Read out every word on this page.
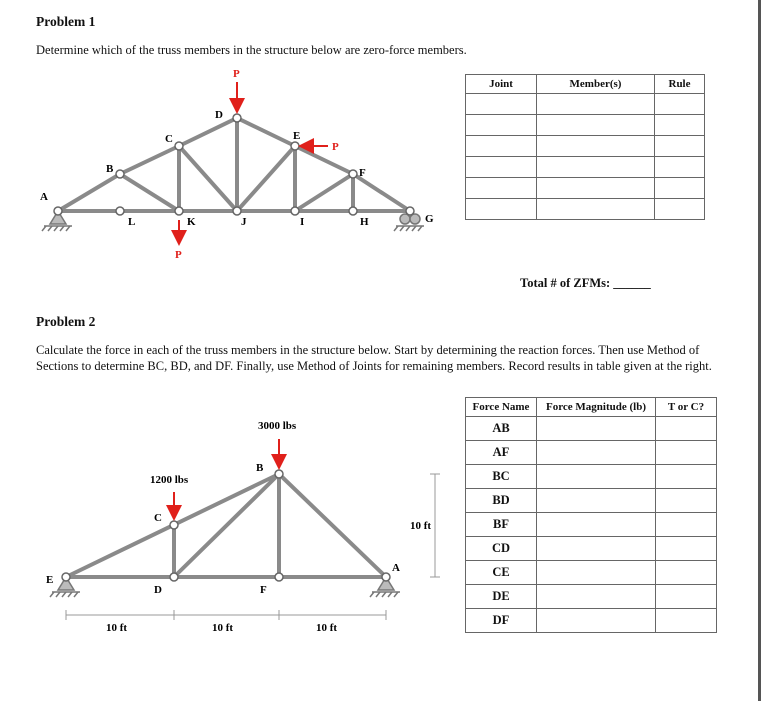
Problem 1
Determine which of the truss members in the structure below are zero-force members.
P
P
P
A
B
C
D
E
F
G
H
I
J
K
L
Joint	Member(s)	Rule

Total # of ZFMs: ______
Problem 2
Calculate the force in each of the truss members in the structure below. Start by determining the reaction forces. Then use Method of Sections to determine BC, BD, and DF. Finally, use Method of Joints for remaining members. Record results in table given at the right.
3000 lbs
1200 lbs
A
B
C
D
E
F
10 ft	10 ft	10 ft
10 ft
Force Name	Force Magnitude (lb)	T or C?
AB		
AF		
BC		
BD		
BF		
CD		
CE		
DE		
DF		
